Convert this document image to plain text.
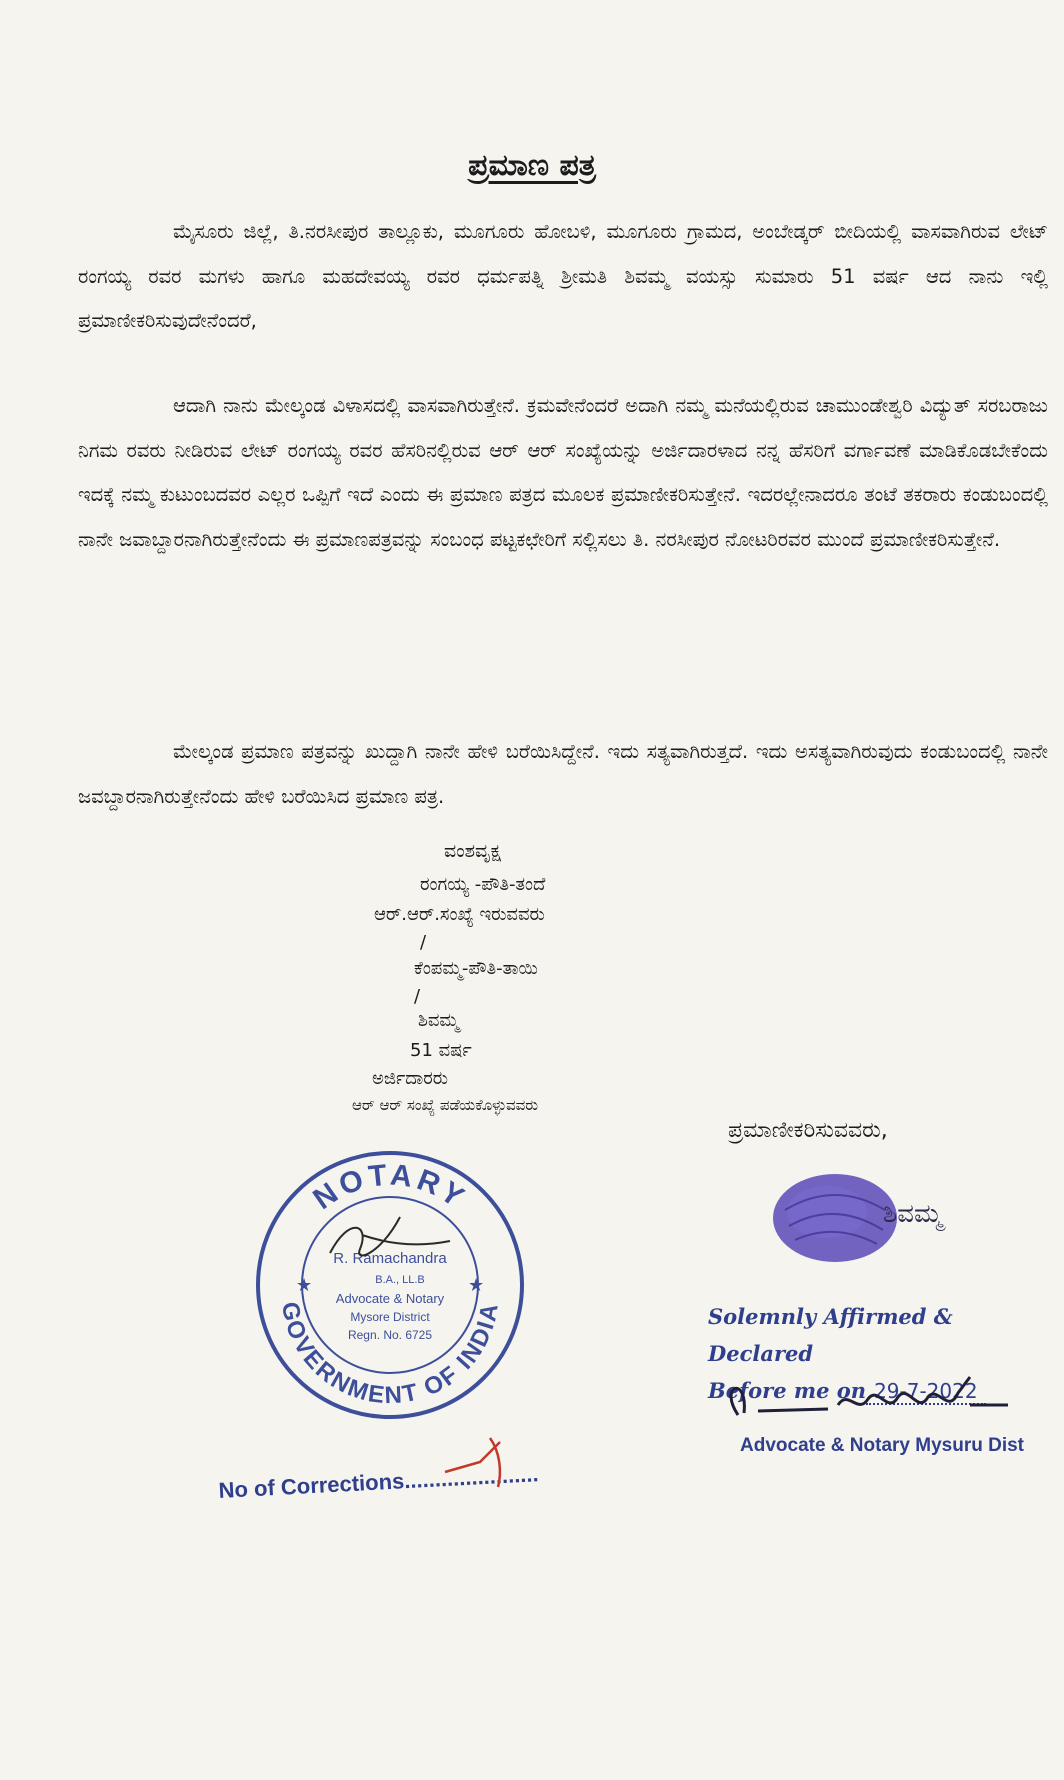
ಪ್ರಮಾಣ ಪತ್ರ
ಮೈಸೂರು ಜಿಲ್ಲೆ, ತಿ.ನರಸೀಪುರ ತಾಲ್ಲೂಕು, ಮೂಗೂರು ಹೋಬಳಿ, ಮೂಗೂರು ಗ್ರಾಮದ, ಅಂಬೇಡ್ಕರ್ ಬೀದಿಯಲ್ಲಿ ವಾಸವಾಗಿರುವ ಲೇಟ್ ರಂಗಯ್ಯ ರವರ ಮಗಳು ಹಾಗೂ ಮಹದೇವಯ್ಯ ರವರ ಧರ್ಮಪತ್ನಿ ಶ್ರೀಮತಿ ಶಿವಮ್ಮ ವಯಸ್ಸು ಸುಮಾರು 51 ವರ್ಷ ಆದ ನಾನು ಇಲ್ಲಿ ಪ್ರಮಾಣೀಕರಿಸುವುದೇನೆಂದರೆ,
ಆದಾಗಿ ನಾನು ಮೇಲ್ಕಂಡ ವಿಳಾಸದಲ್ಲಿ ವಾಸವಾಗಿರುತ್ತೇನೆ. ಕ್ರಮವೇನೆಂದರೆ ಅದಾಗಿ ನಮ್ಮ ಮನೆಯಲ್ಲಿರುವ ಚಾಮುಂಡೇಶ್ವರಿ ವಿದ್ಯುತ್ ಸರಬರಾಜು ನಿಗಮ ರವರು ನೀಡಿರುವ ಲೇಟ್ ರಂಗಯ್ಯ ರವರ ಹೆಸರಿನಲ್ಲಿರುವ ಆರ್ ಆರ್ ಸಂಖ್ಯೆಯನ್ನು ಅರ್ಜಿದಾರಳಾದ ನನ್ನ ಹೆಸರಿಗೆ ವರ್ಗಾವಣೆ ಮಾಡಿಕೊಡಬೇಕೆಂದು ಇದಕ್ಕೆ ನಮ್ಮ ಕುಟುಂಬದವರ ಎಲ್ಲರ ಒಪ್ಪಿಗೆ ಇದೆ ಎಂದು ಈ ಪ್ರಮಾಣ ಪತ್ರದ ಮೂಲಕ ಪ್ರಮಾಣೀಕರಿಸುತ್ತೇನೆ. ಇದರಲ್ಲೇನಾದರೂ ತಂಟೆ ತಕರಾರು ಕಂಡುಬಂದಲ್ಲಿ ನಾನೇ ಜವಾಬ್ದಾರನಾಗಿರುತ್ತೇನೆಂದು ಈ ಪ್ರಮಾಣಪತ್ರವನ್ನು ಸಂಬಂಧ ಪಟ್ಟಕಛೇರಿಗೆ ಸಲ್ಲಿಸಲು ತಿ. ನರಸೀಪುರ ನೋಟರಿರವರ ಮುಂದೆ ಪ್ರಮಾಣೀಕರಿಸುತ್ತೇನೆ.
ಮೇಲ್ಕಂಡ ಪ್ರಮಾಣ ಪತ್ರವನ್ನು ಖುದ್ದಾಗಿ ನಾನೇ ಹೇಳಿ ಬರೆಯಿಸಿದ್ದೇನೆ. ಇದು ಸತ್ಯವಾಗಿರುತ್ತದೆ. ಇದು ಅಸತ್ಯವಾಗಿರುವುದು ಕಂಡುಬಂದಲ್ಲಿ ನಾನೇ ಜವಬ್ದಾರನಾಗಿರುತ್ತೇನೆಂದು ಹೇಳಿ ಬರೆಯಿಸಿದ ಪ್ರಮಾಣ ಪತ್ರ.
ವಂಶವೃಕ್ಷ
ರಂಗಯ್ಯ -ಪೌತಿ-ತಂದೆ
ಆರ್.ಆರ್.ಸಂಖ್ಯೆ ಇರುವವರು
/
ಕೆಂಪಮ್ಮ-ಪೌತಿ-ತಾಯಿ
/
ಶಿವಮ್ಮ
51 ವರ್ಷ
ಅರ್ಜಿದಾರರು
ಆರ್ ಆರ್ ಸಂಖ್ಯೆ ಪಡೆಯಕೊಳ್ಳುವವರು
NOTARY
GOVERNMENT OF INDIA
★	★
R. Ramachandra
B.A., LL.B
Advocate & Notary
Mysore District
Regn. No. 6725
ಪ್ರಮಾಣೀಕರಿಸುವವರು,
ಶಿವಮ್ಮ
Solemnly Affirmed & Declared
Before me on 29-7-2022
Advocate & Notary Mysuru Dist
No of Corrections......................
